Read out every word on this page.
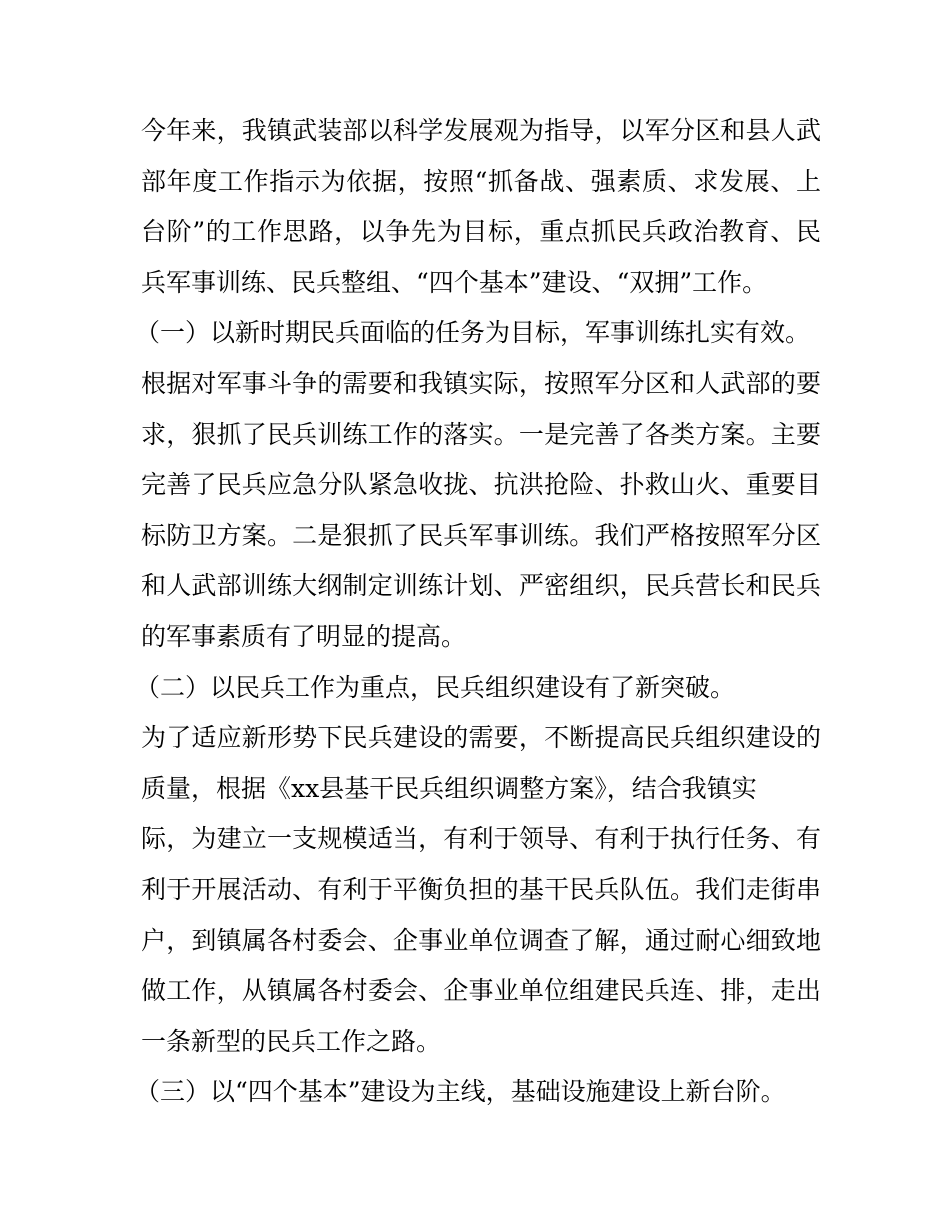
今年来，我镇武装部以科学发展观为指导，以军分区和县人武
部年度工作指示为依据，按照“抓备战、强素质、求发展、上
台阶”的工作思路，以争先为目标，重点抓民兵政治教育、民
兵军事训练、民兵整组、“四个基本”建设、“双拥”工作。
（一）以新时期民兵面临的任务为目标，军事训练扎实有效。
根据对军事斗争的需要和我镇实际，按照军分区和人武部的要
求，狠抓了民兵训练工作的落实。一是完善了各类方案。主要
完善了民兵应急分队紧急收拢、抗洪抢险、扑救山火、重要目
标防卫方案。二是狠抓了民兵军事训练。我们严格按照军分区
和人武部训练大纲制定训练计划、严密组织，民兵营长和民兵
的军事素质有了明显的提高。
（二）以民兵工作为重点，民兵组织建设有了新突破。
为了适应新形势下民兵建设的需要，不断提高民兵组织建设的
质量，根据《xx县基干民兵组织调整方案》，结合我镇实
际，为建立一支规模适当，有利于领导、有利于执行任务、有
利于开展活动、有利于平衡负担的基干民兵队伍。我们走街串
户，到镇属各村委会、企事业单位调查了解，通过耐心细致地
做工作，从镇属各村委会、企事业单位组建民兵连、排，走出
一条新型的民兵工作之路。
（三）以“四个基本”建设为主线，基础设施建设上新台阶。
